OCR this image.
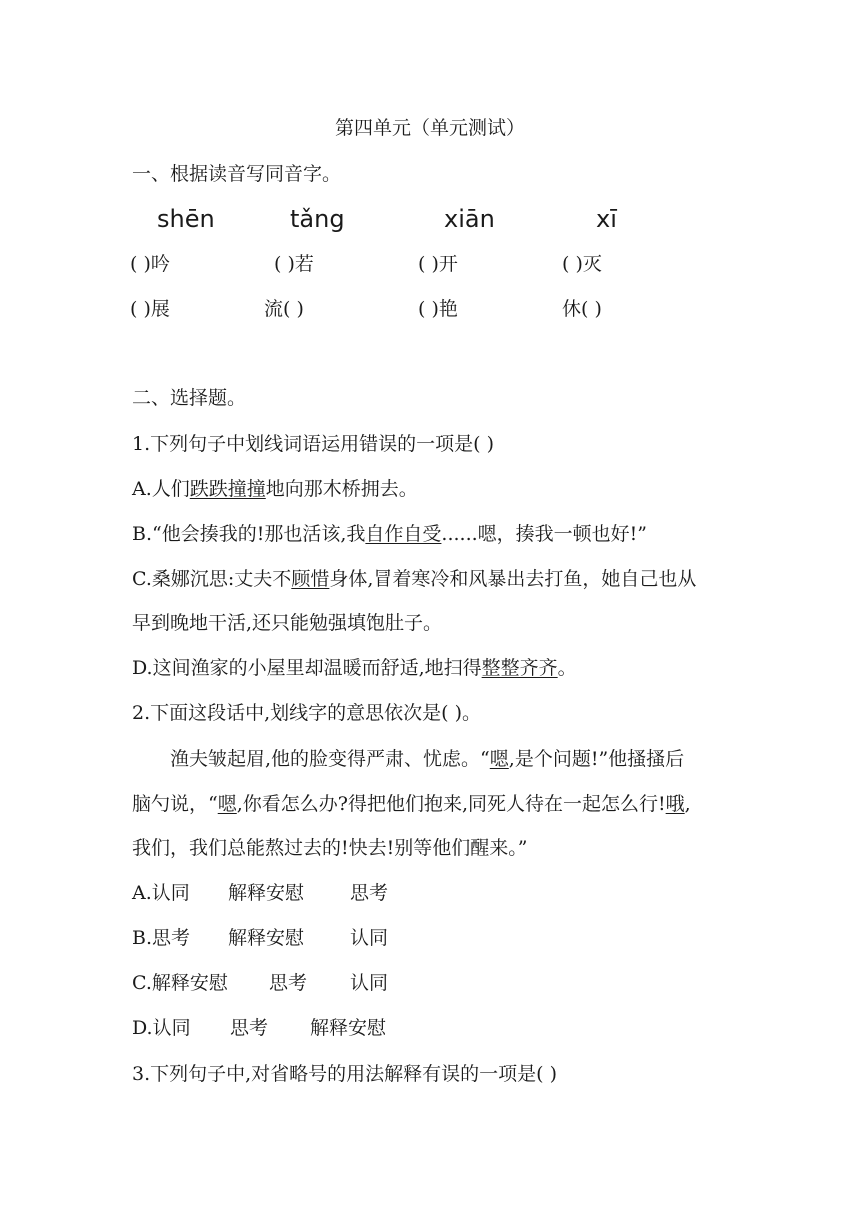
第四单元（单元测试）
一、根据读音写同音字。
shēn	tǎng	xiān	xī
( )吟	( )若	( )开	( )灭
( )展	流( )	( )艳	休( )
二、选择题。
1.下列句子中划线词语运用错误的一项是( )
A.人们跌跌撞撞地向那木桥拥去。
B.“他会揍我的!那也活该,我自作自受......嗯，揍我一顿也好!”
C.桑娜沉思:丈夫不顾惜身体,冒着寒冷和风暴出去打鱼，她自己也从
早到晚地干活,还只能勉强填饱肚子。
D.这间渔家的小屋里却温暖而舒适,地扫得整整齐齐。
2.下面这段话中,划线字的意思依次是( )。
渔夫皱起眉,他的脸变得严肃、忧虑。“嗯,是个问题!”他搔搔后
脑勺说，“嗯,你看怎么办?得把他们抱来,同死人待在一起怎么行!哦,
我们，我们总能熬过去的!快去!别等他们醒来。”
A.认同 解释安慰 思考
B.思考 解释安慰 认同
C.解释安慰 思考 认同
D.认同 思考 解释安慰
3.下列句子中,对省略号的用法解释有误的一项是( )
